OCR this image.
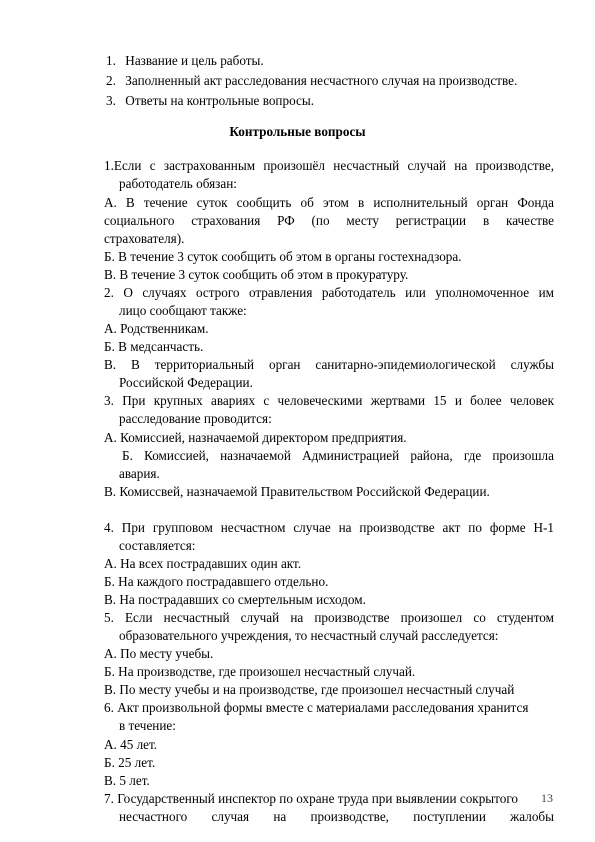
1. Название и цель работы.
2. Заполненный акт расследования несчастного случая на производстве.
3. Ответы на контрольные вопросы.
Контрольные вопросы
1.Если с застрахованным произошёл несчастный случай на производстве,
работодатель обязан:
А. В течение суток сообщить об этом в исполнительный орган Фонда
социального страхования РФ (по месту регистрации в качестве
страхователя).
Б. В течение 3 суток сообщить об этом в органы гостехнадзора.
В. В течение 3 суток сообщить об этом в прокуратуру.
2. О случаях острого отравления работодатель или уполномоченное им
лицо сообщают также:
А. Родственникам.
Б. В медсанчасть.
В. В территориальный орган санитарно-эпидемиологической службы
Российской Федерации.
3. При крупных авариях с человеческими жертвами 15 и более человек
расследование проводится:
А. Комиссией, назначаемой директором предприятия.
Б. Комиссией, назначаемой Администрацией района, где произошла
авария.
В. Комиссвей, назначаемой Правительством Российской Федерации.
4. При групповом несчастном случае на производстве акт по форме Н-1
составляется:
А. На всех пострадавших один акт.
Б. На каждого пострадавшего отдельно.
В. На пострадавших со смертельным исходом.
5. Если несчастный случай на производстве произошел со студентом
образовательного учреждения, то несчастный случай расследуется:
А. По месту учебы.
Б. На производстве, где произошел несчастный случай.
В. По месту учебы и на производстве, где произошел несчастный случай
6. Акт произвольной формы вместе с материалами расследования хранится
в течение:
А. 45 лет.
Б. 25 лет.
В. 5 лет.
7. Государственный инспектор по охране труда при выявлении сокрытого
несчастного случая на производстве, поступлении жалобы
13
